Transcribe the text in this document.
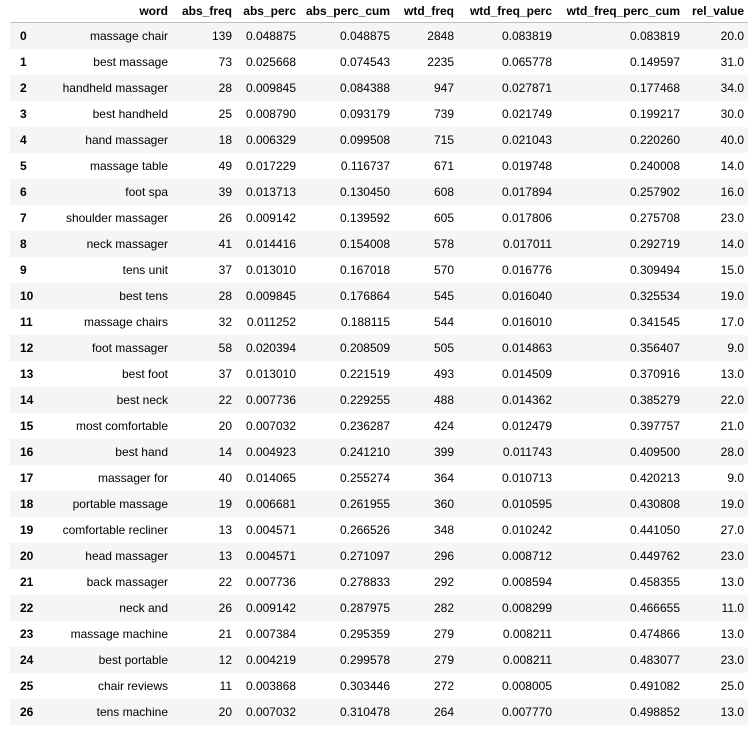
	word	abs_freq	abs_perc	abs_perc_cum	wtd_freq	wtd_freq_perc	wtd_freq_perc_cum	rel_value
0	massage chair	139	0.048875	0.048875	2848	0.083819	0.083819	20.0
1	best massage	73	0.025668	0.074543	2235	0.065778	0.149597	31.0
2	handheld massager	28	0.009845	0.084388	947	0.027871	0.177468	34.0
3	best handheld	25	0.008790	0.093179	739	0.021749	0.199217	30.0
4	hand massager	18	0.006329	0.099508	715	0.021043	0.220260	40.0
5	massage table	49	0.017229	0.116737	671	0.019748	0.240008	14.0
6	foot spa	39	0.013713	0.130450	608	0.017894	0.257902	16.0
7	shoulder massager	26	0.009142	0.139592	605	0.017806	0.275708	23.0
8	neck massager	41	0.014416	0.154008	578	0.017011	0.292719	14.0
9	tens unit	37	0.013010	0.167018	570	0.016776	0.309494	15.0
10	best tens	28	0.009845	0.176864	545	0.016040	0.325534	19.0
11	massage chairs	32	0.011252	0.188115	544	0.016010	0.341545	17.0
12	foot massager	58	0.020394	0.208509	505	0.014863	0.356407	9.0
13	best foot	37	0.013010	0.221519	493	0.014509	0.370916	13.0
14	best neck	22	0.007736	0.229255	488	0.014362	0.385279	22.0
15	most comfortable	20	0.007032	0.236287	424	0.012479	0.397757	21.0
16	best hand	14	0.004923	0.241210	399	0.011743	0.409500	28.0
17	massager for	40	0.014065	0.255274	364	0.010713	0.420213	9.0
18	portable massage	19	0.006681	0.261955	360	0.010595	0.430808	19.0
19	comfortable recliner	13	0.004571	0.266526	348	0.010242	0.441050	27.0
20	head massager	13	0.004571	0.271097	296	0.008712	0.449762	23.0
21	back massager	22	0.007736	0.278833	292	0.008594	0.458355	13.0
22	neck and	26	0.009142	0.287975	282	0.008299	0.466655	11.0
23	massage machine	21	0.007384	0.295359	279	0.008211	0.474866	13.0
24	best portable	12	0.004219	0.299578	279	0.008211	0.483077	23.0
25	chair reviews	11	0.003868	0.303446	272	0.008005	0.491082	25.0
26	tens machine	20	0.007032	0.310478	264	0.007770	0.498852	13.0
